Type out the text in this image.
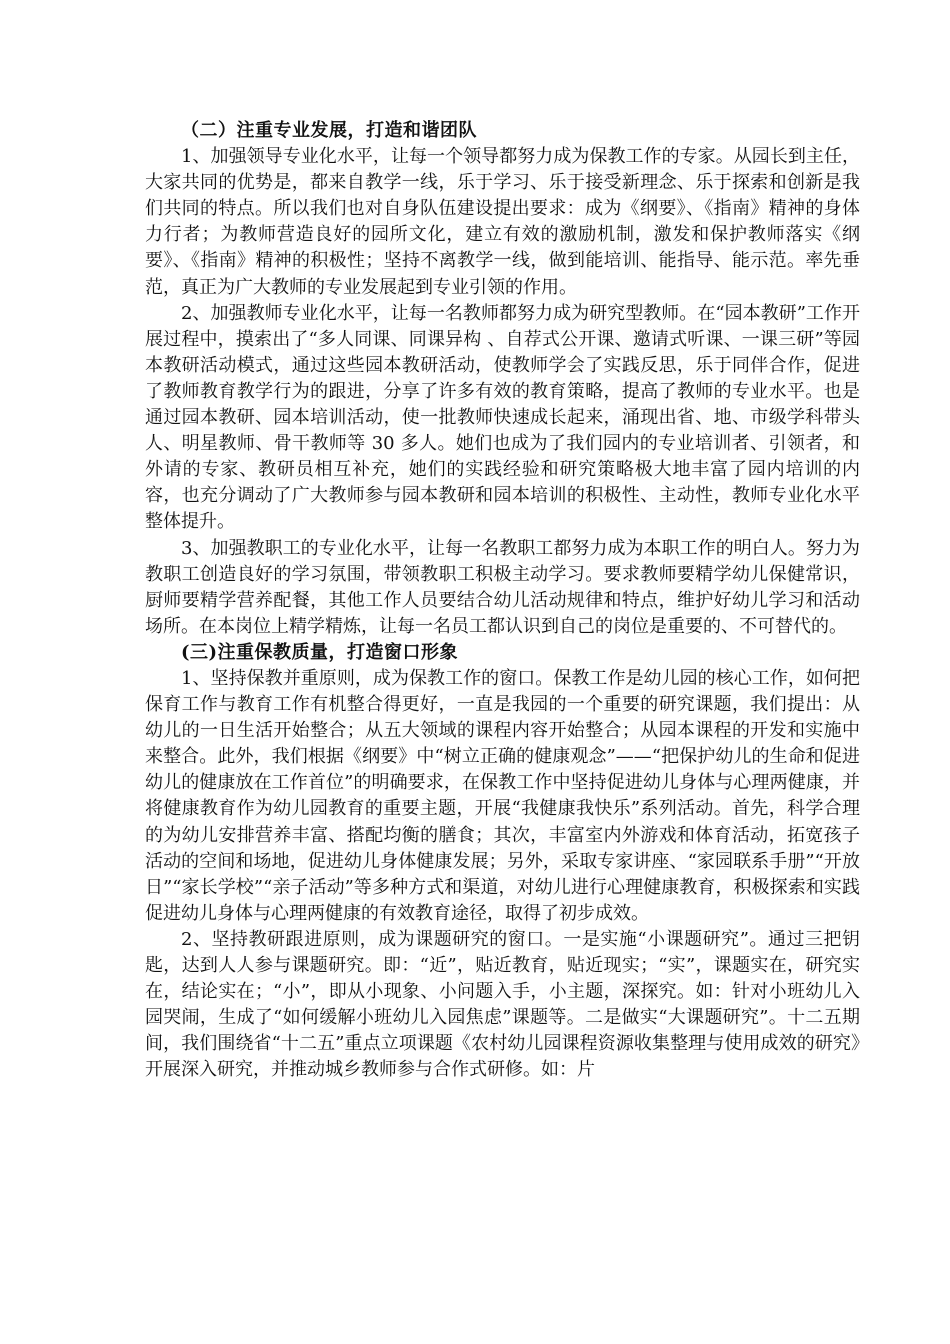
（二）注重专业发展，打造和谐团队

1、加强领导专业化水平，让每一个领导都努力成为保教工作的专家。从园长到主任，大家共同的优势是，都来自教学一线，乐于学习、乐于接受新理念、乐于探索和创新是我们共同的特点。所以我们也对自身队伍建设提出要求：成为《纲要》、《指南》精神的身体力行者；为教师营造良好的园所文化，建立有效的激励机制，激发和保护教师落实《纲要》、《指南》精神的积极性；坚持不离教学一线，做到能培训、能指导、能示范。率先垂范，真正为广大教师的专业发展起到专业引领的作用。

2、加强教师专业化水平，让每一名教师都努力成为研究型教师。在“园本教研”工作开展过程中，摸索出了“多人同课、同课异构 、自荐式公开课、邀请式听课、一课三研”等园本教研活动模式，通过这些园本教研活动，使教师学会了实践反思，乐于同伴合作，促进了教师教育教学行为的跟进，分享了许多有效的教育策略，提高了教师的专业水平。也是通过园本教研、园本培训活动，使一批教师快速成长起来，涌现出省、地、市级学科带头人、明星教师、骨干教师等 30 多人。她们也成为了我们园内的专业培训者、引领者，和外请的专家、教研员相互补充，她们的实践经验和研究策略极大地丰富了园内培训的内容，也充分调动了广大教师参与园本教研和园本培训的积极性、主动性，教师专业化水平整体提升。

3、加强教职工的专业化水平，让每一名教职工都努力成为本职工作的明白人。努力为教职工创造良好的学习氛围，带领教职工积极主动学习。要求教师要精学幼儿保健常识，厨师要精学营养配餐，其他工作人员要结合幼儿活动规律和特点，维护好幼儿学习和活动场所。在本岗位上精学精炼，让每一名员工都认识到自己的岗位是重要的、不可替代的。

(三)注重保教质量，打造窗口形象

1、坚持保教并重原则，成为保教工作的窗口。保教工作是幼儿园的核心工作，如何把保育工作与教育工作有机整合得更好，一直是我园的一个重要的研究课题，我们提出：从幼儿的一日生活开始整合；从五大领域的课程内容开始整合；从园本课程的开发和实施中来整合。此外，我们根据《纲要》中“树立正确的健康观念”——“把保护幼儿的生命和促进幼儿的健康放在工作首位”的明确要求，在保教工作中坚持促进幼儿身体与心理两健康，并将健康教育作为幼儿园教育的重要主题，开展“我健康我快乐”系列活动。首先，科学合理的为幼儿安排营养丰富、搭配均衡的膳食；其次，丰富室内外游戏和体育活动，拓宽孩子活动的空间和场地，促进幼儿身体健康发展；另外，采取专家讲座、“家园联系手册”“开放日”“家长学校”“亲子活动”等多种方式和渠道，对幼儿进行心理健康教育，积极探索和实践促进幼儿身体与心理两健康的有效教育途径，取得了初步成效。

2、坚持教研跟进原则，成为课题研究的窗口。一是实施“小课题研究”。通过三把钥匙，达到人人参与课题研究。即：“近”，贴近教育，贴近现实；“实”，课题实在，研究实在，结论实在；“小”，即从小现象、小问题入手，小主题，深探究。如：针对小班幼儿入园哭闹，生成了“如何缓解小班幼儿入园焦虑”课题等。二是做实“大课题研究”。十二五期间，我们围绕省“十二五”重点立项课题《农村幼儿园课程资源收集整理与使用成效的研究》开展深入研究，并推动城乡教师参与合作式研修。如：片
